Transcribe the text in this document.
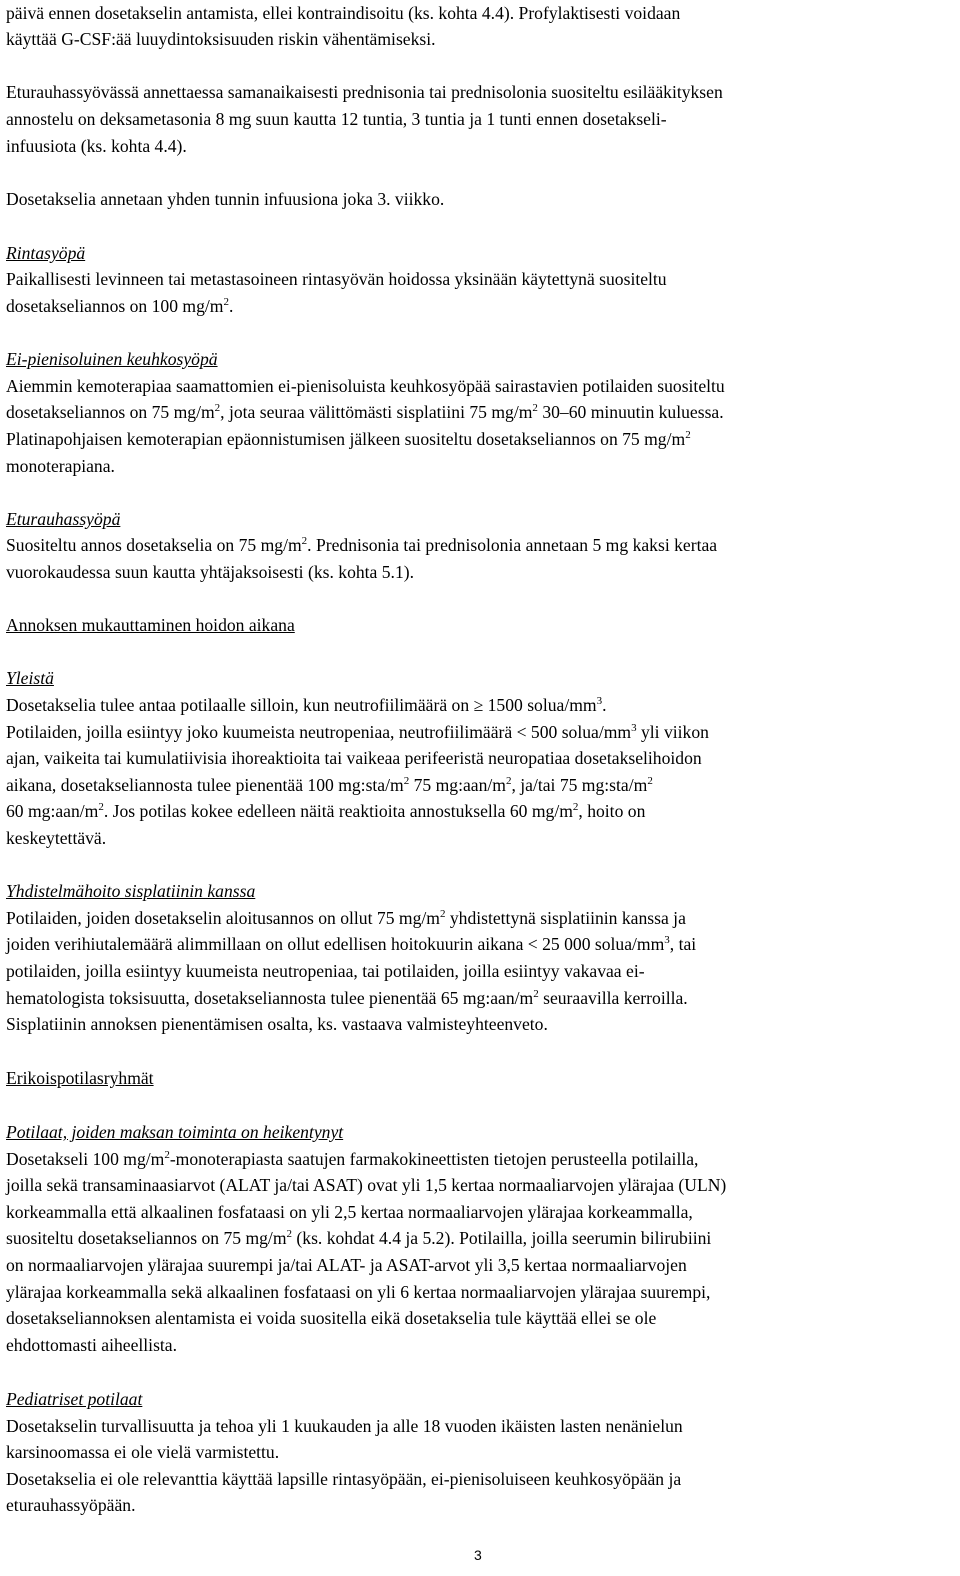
päivä ennen dosetakselin antamista, ellei kontraindisoitu (ks. kohta 4.4). Profylaktisesti voidaan
käyttää G-CSF:ää luuydintoksisuuden riskin vähentämiseksi.
Eturauhassyövässä annettaessa samanaikaisesti prednisonia tai prednisolonia suositeltu esilääkityksen
annostelu on deksametasonia 8 mg suun kautta 12 tuntia, 3 tuntia ja 1 tunti ennen dosetakseli-
infuusiota (ks. kohta 4.4).
Dosetakselia annetaan yhden tunnin infuusiona joka 3. viikko.
Rintasyöpä
Paikallisesti levinneen tai metastasoineen rintasyövän hoidossa yksinään käytettynä suositeltu
dosetakseliannos on 100 $mg/m^2$.
Ei-pienisoluinen keuhkosyöpä
Aiemmin kemoterapiaa saamattomien ei-pienisoluista keuhkosyöpää sairastavien potilaiden suositeltu
dosetakseliannos on 75 $mg/m^2$, jota seuraa välittömästi sisplatiini 75 $mg/m^2$ 30–60 minuutin kuluessa.
Platinapohjaisen kemoterapian epäonnistumisen jälkeen suositeltu dosetakseliannos on 75 $mg/m^2$
monoterapiana.
Eturauhassyöpä
Suositeltu annos dosetakselia on 75 $mg/m^2$. Prednisonia tai prednisolonia annetaan 5 mg kaksi kertaa
vuorokaudessa suun kautta yhtäjaksoisesti (ks. kohta 5.1).
Annoksen mukauttaminen hoidon aikana
Yleistä
Dosetakselia tulee antaa potilaalle silloin, kun neutrofiilimäärä on ≥ 1500 solua/$mm^3$.
Potilaiden, joilla esiintyy joko kuumeista neutropeniaa, neutrofiilimäärä < 500 solua/$mm^3$ yli viikon
ajan, vaikeita tai kumulatiivisia ihoreaktioita tai vaikeaa perifeeristä neuropatiaa dosetakselihoidon
aikana, dosetakseliannosta tulee pienentää 100 $mg:sta/m^2$ 75 $mg:aan/m^2$, ja/tai 75 $mg:sta/m^2$
60 $mg:aan/m^2$. Jos potilas kokee edelleen näitä reaktioita annostuksella 60 $mg/m^2$, hoito on
keskeytettävä.
Yhdistelmähoito sisplatiinin kanssa
Potilaiden, joiden dosetakselin aloitusannos on ollut 75 $mg/m^2$ yhdistettynä sisplatiinin kanssa ja
joiden verihiutalemäärä alimmillaan on ollut edellisen hoitokuurin aikana < 25 000 solua/$mm^3$, tai
potilaiden, joilla esiintyy kuumeista neutropeniaa, tai potilaiden, joilla esiintyy vakavaa ei-
hematologista toksisuutta, dosetakseliannosta tulee pienentää 65 $mg:aan/m^2$ seuraavilla kerroilla.
Sisplatiinin annoksen pienentämisen osalta, ks. vastaava valmisteyhteenveto.
Erikoispotilasryhmät
Potilaat, joiden maksan toiminta on heikentynyt
Dosetakseli 100 $mg/m^2$-monoterapiasta saatujen farmakokineettisten tietojen perusteella potilailla,
joilla sekä transaminaasiarvot (ALAT ja/tai ASAT) ovat yli 1,5 kertaa normaaliarvojen ylärajaa (ULN)
korkeammalla että alkaalinen fosfataasi on yli 2,5 kertaa normaaliarvojen ylärajaa korkeammalla,
suositeltu dosetakseliannos on 75 $mg/m^2$ (ks. kohdat 4.4 ja 5.2). Potilailla, joilla seerumin bilirubiini
on normaaliarvojen ylärajaa suurempi ja/tai ALAT- ja ASAT-arvot yli 3,5 kertaa normaaliarvojen
ylärajaa korkeammalla sekä alkaalinen fosfataasi on yli 6 kertaa normaaliarvojen ylärajaa suurempi,
dosetakseliannoksen alentamista ei voida suositella eikä dosetakselia tule käyttää ellei se ole
ehdottomasti aiheellista.
Pediatriset potilaat
Dosetakselin turvallisuutta ja tehoa yli 1 kuukauden ja alle 18 vuoden ikäisten lasten nenänielun
karsinoomassa ei ole vielä varmistettu.
Dosetakselia ei ole relevanttia käyttää lapsille rintasyöpään, ei-pienisoluiseen keuhkosyöpään ja
eturauhassyöpään.
3
